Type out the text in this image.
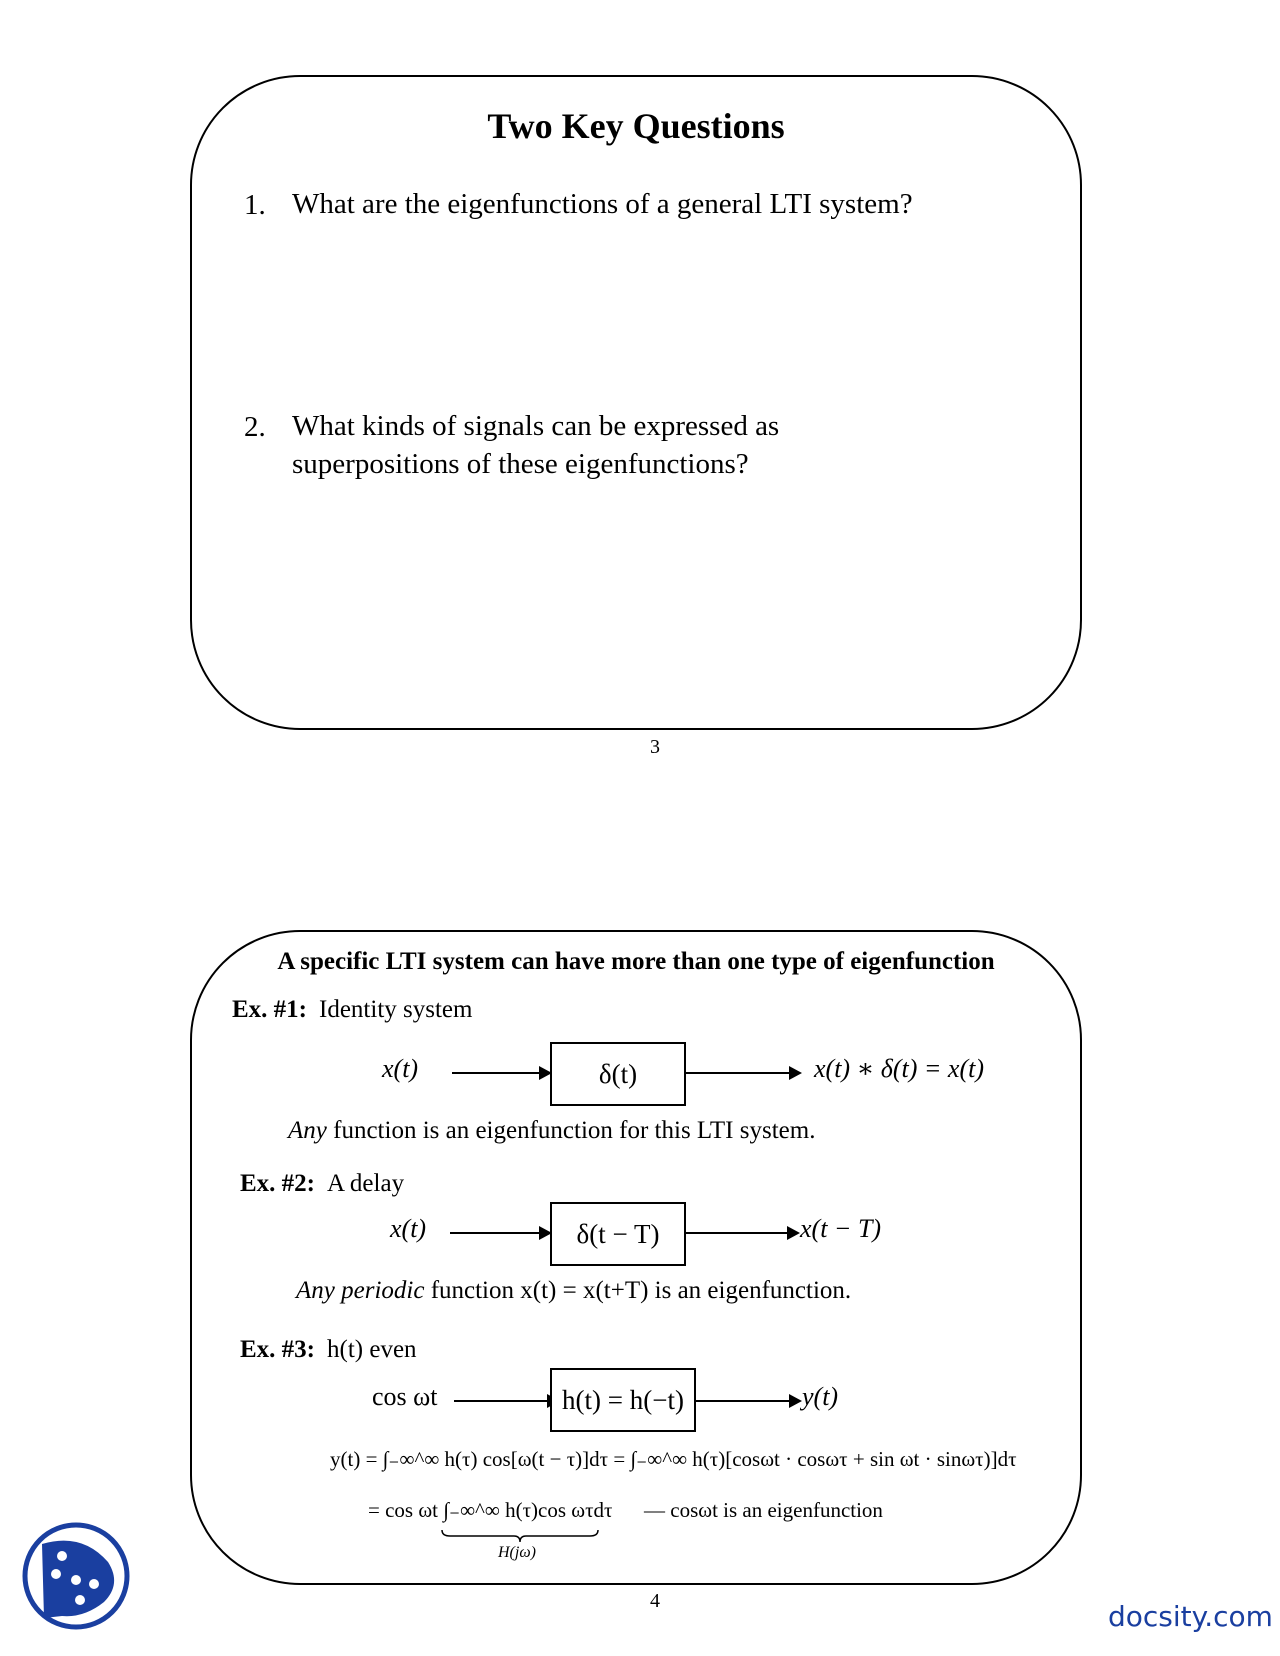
Two Key Questions
1. What are the eigenfunctions of a general LTI system?
2. What kinds of signals can be expressed as
superpositions of these eigenfunctions?
3
A specific LTI system can have more than one type of eigenfunction
Ex. #1: Identity system
x(t)	δ(t)	x(t) ∗ δ(t) = x(t)
Any function is an eigenfunction for this LTI system.
Ex. #2: A delay
x(t)	δ(t − T)	x(t − T)
Any periodic function x(t) = x(t+T) is an eigenfunction.
Ex. #3: h(t) even
cos ωt	h(t) = h(−t)	y(t)
y(t) = ∫₋∞^∞ h(τ) cos[ω(t − τ)]dτ = ∫₋∞^∞ h(τ)[cosωt · cosωτ + sin ωt · sinωτ)]dτ
= cos ωt ∫₋∞^∞ h(τ)cos ωτdτ
H(jω)
— cosωt is an eigenfunction
4	docsity.com
